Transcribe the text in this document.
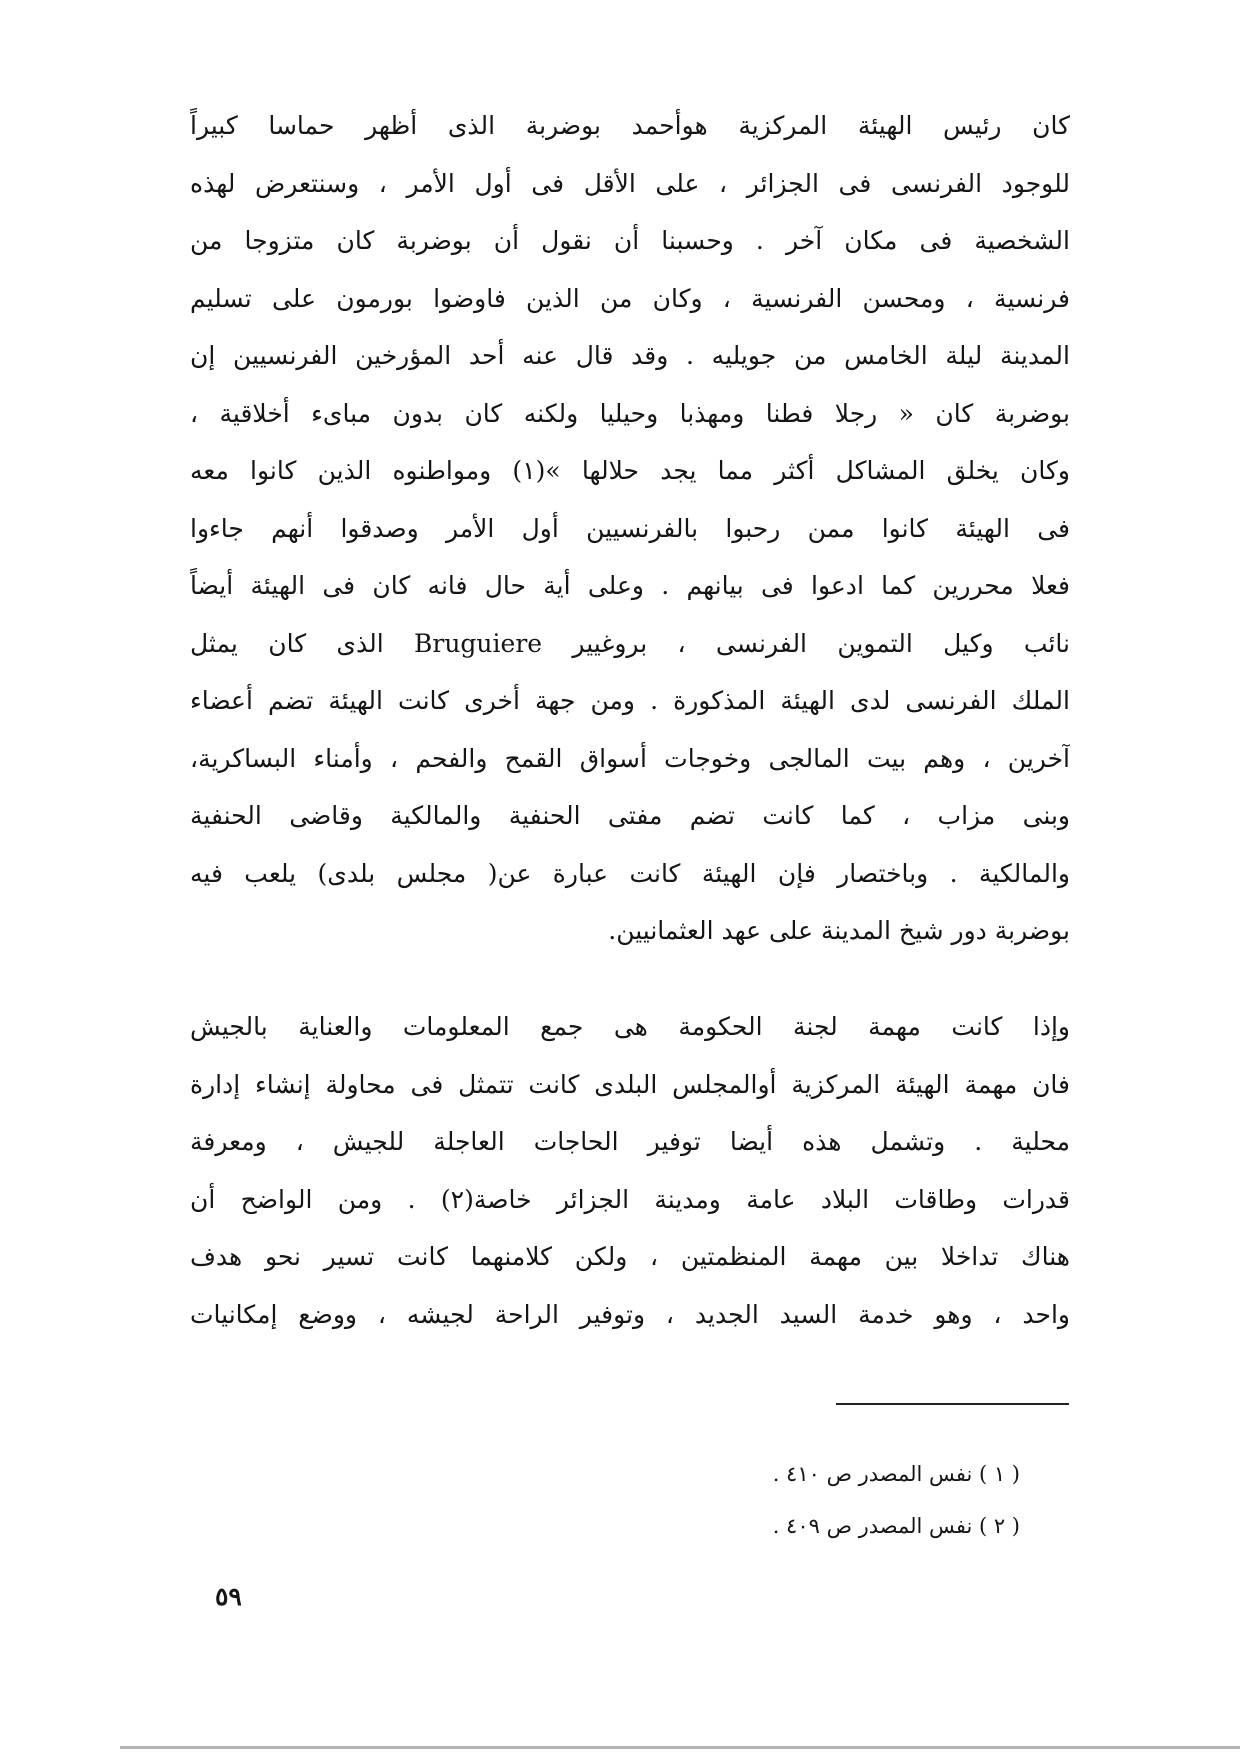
كان رئيس الهيئة المركزية هوأحمد بوضربة الذى أظهر حماسا كبيراً
للوجود الفرنسى فى الجزائر ، على الأقل فى أول الأمر ، وسنتعرض لهذه
الشخصية فى مكان آخر . وحسبنا أن نقول أن بوضربة كان متزوجا من
فرنسية ، ومحسن الفرنسية ، وكان من الذين فاوضوا بورمون على تسليم
المدينة ليلة الخامس من جويليه . وقد قال عنه أحد المؤرخين الفرنسيين إن
بوضربة كان « رجلا فطنا ومهذبا وحيليا ولكنه كان بدون مباىء أخلاقية ،
وكان يخلق المشاكل أكثر مما يجد حلالها »(١) ومواطنوه الذين كانوا معه
فى الهيئة كانوا ممن رحبوا بالفرنسيين أول الأمر وصدقوا أنهم جاءوا
فعلا محررين كما ادعوا فى بيانهم . وعلى أية حال فانه كان فى الهيئة أيضاً
نائب وكيل التموين الفرنسى ، بروغيير Bruguiere الذى كان يمثل
الملك الفرنسى لدى الهيئة المذكورة . ومن جهة أخرى كانت الهيئة تضم أعضاء
آخرين ، وهم بيت المالجى وخوجات أسواق القمح والفحم ، وأمناء البساكرية،
وبنى مزاب ، كما كانت تضم مفتى الحنفية والمالكية وقاضى الحنفية
والمالكية . وباختصار فإن الهيئة كانت عبارة عن( مجلس بلدى) يلعب فيه
بوضربة دور شيخ المدينة على عهد العثمانيين.
وإذا كانت مهمة لجنة الحكومة هى جمع المعلومات والعناية بالجيش
فان مهمة الهيئة المركزية أوالمجلس البلدى كانت تتمثل فى محاولة إنشاء إدارة
محلية . وتشمل هذه أيضا توفير الحاجات العاجلة للجيش ، ومعرفة
قدرات وطاقات البلاد عامة ومدينة الجزائر خاصة(٢) . ومن الواضح أن
هناك تداخلا بين مهمة المنظمتين ، ولكن كلامنهما كانت تسير نحو هدف
واحد ، وهو خدمة السيد الجديد ، وتوفير الراحة لجيشه ، ووضع إمكانيات
( ١ ) نفس المصدر ص ٤١٠ .
( ٢ ) نفس المصدر ص ٤٠٩ .
٥٩
